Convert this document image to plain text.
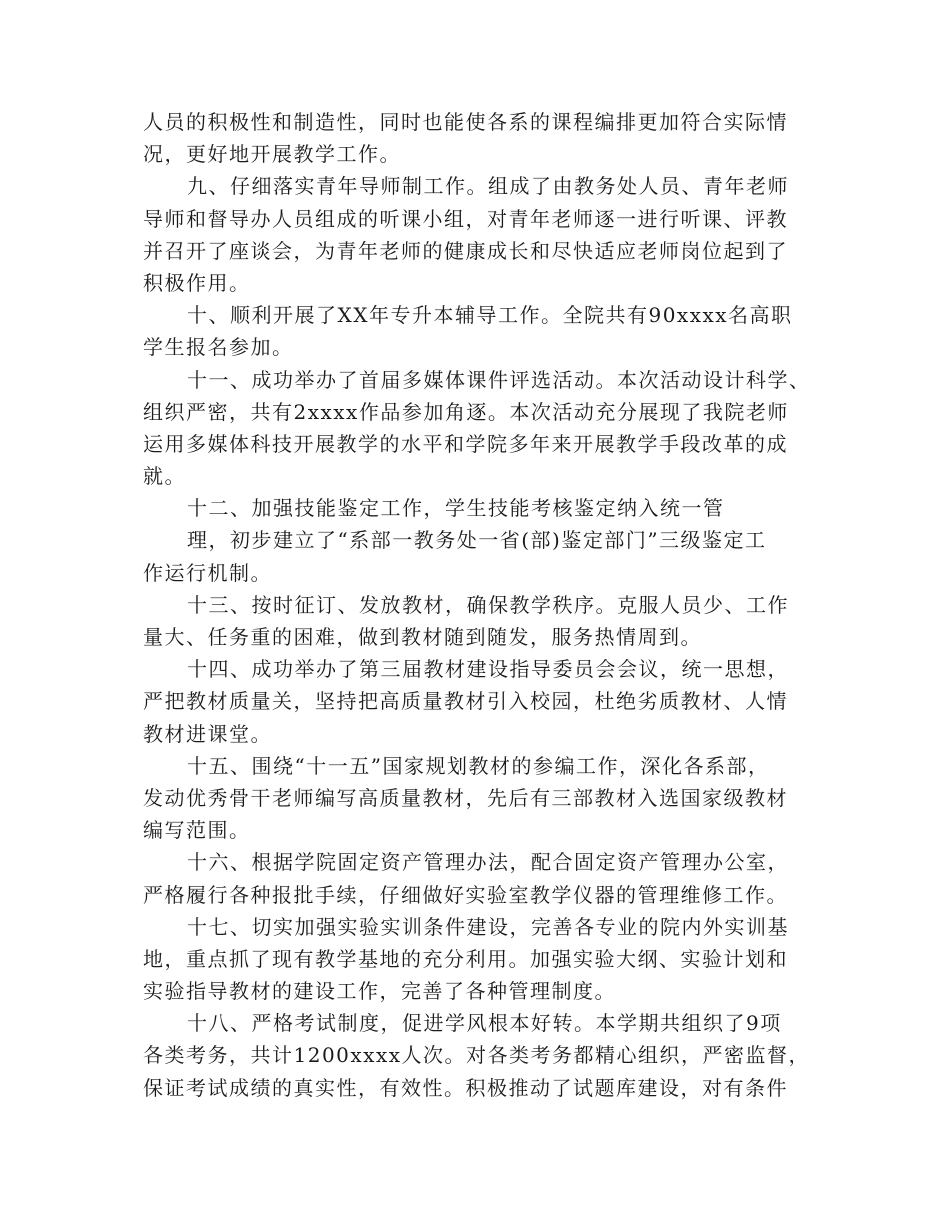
人员的积极性和制造性，同时也能使各系的课程编排更加符合实际情
况，更好地开展教学工作。
九、仔细落实青年导师制工作。组成了由教务处人员、青年老师
导师和督导办人员组成的听课小组，对青年老师逐一进行听课、评教
并召开了座谈会，为青年老师的健康成长和尽快适应老师岗位起到了
积极作用。
十、顺利开展了XX年专升本辅导工作。全院共有90xxxx名高职
学生报名参加。
十一、成功举办了首届多媒体课件评选活动。本次活动设计科学、
组织严密，共有2xxxx作品参加角逐。本次活动充分展现了我院老师
运用多媒体科技开展教学的水平和学院多年来开展教学手段改革的成
就。
十二、加强技能鉴定工作，学生技能考核鉴定纳入统一管
理，初步建立了“系部一教务处一省(部)鉴定部门”三级鉴定工
作运行机制。
十三、按时征订、发放教材，确保教学秩序。克服人员少、工作
量大、任务重的困难，做到教材随到随发，服务热情周到。
十四、成功举办了第三届教材建设指导委员会会议，统一思想，
严把教材质量关，坚持把高质量教材引入校园，杜绝劣质教材、人情
教材进课堂。
十五、围绕“十一五”国家规划教材的参编工作，深化各系部，
发动优秀骨干老师编写高质量教材，先后有三部教材入选国家级教材
编写范围。
十六、根据学院固定资产管理办法，配合固定资产管理办公室，
严格履行各种报批手续，仔细做好实验室教学仪器的管理维修工作。
十七、切实加强实验实训条件建设，完善各专业的院内外实训基
地，重点抓了现有教学基地的充分利用。加强实验大纲、实验计划和
实验指导教材的建设工作，完善了各种管理制度。
十八、严格考试制度，促进学风根本好转。本学期共组织了9项
各类考务，共计1200xxxx人次。对各类考务都精心组织，严密监督，
保证考试成绩的真实性，有效性。积极推动了试题库建设，对有条件
